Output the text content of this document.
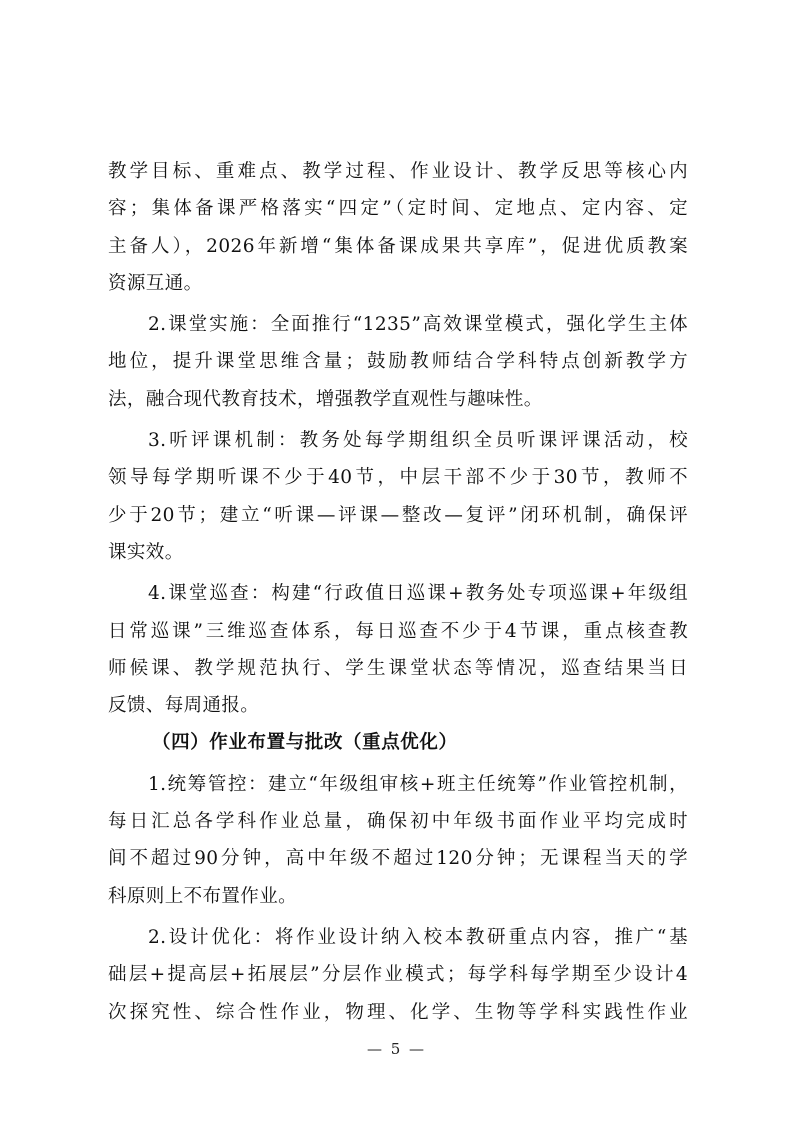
教学目标、重难点、教学过程、作业设计、教学反思等核心内
容；集体备课严格落实“四定”（定时间、定地点、定内容、定
主备人），2026年新增“集体备课成果共享库”，促进优质教案
资源互通。
2.课堂实施：全面推行“1235”高效课堂模式，强化学生主体
地位，提升课堂思维含量；鼓励教师结合学科特点创新教学方
法，融合现代教育技术，增强教学直观性与趣味性。
3.听评课机制：教务处每学期组织全员听课评课活动，校
领导每学期听课不少于40节，中层干部不少于30节，教师不
少于20节；建立“听课—评课—整改—复评”闭环机制，确保评
课实效。
4.课堂巡查：构建“行政值日巡课+教务处专项巡课+年级组
日常巡课”三维巡查体系，每日巡查不少于4节课，重点核查教
师候课、教学规范执行、学生课堂状态等情况，巡查结果当日
反馈、每周通报。
（四）作业布置与批改（重点优化）
1.统筹管控：建立“年级组审核+班主任统筹”作业管控机制，
每日汇总各学科作业总量，确保初中年级书面作业平均完成时
间不超过90分钟，高中年级不超过120分钟；无课程当天的学
科原则上不布置作业。
2.设计优化：将作业设计纳入校本教研重点内容，推广“基
础层+提高层+拓展层”分层作业模式；每学科每学期至少设计4
次探究性、综合性作业，物理、化学、生物等学科实践性作业
— 5 —
